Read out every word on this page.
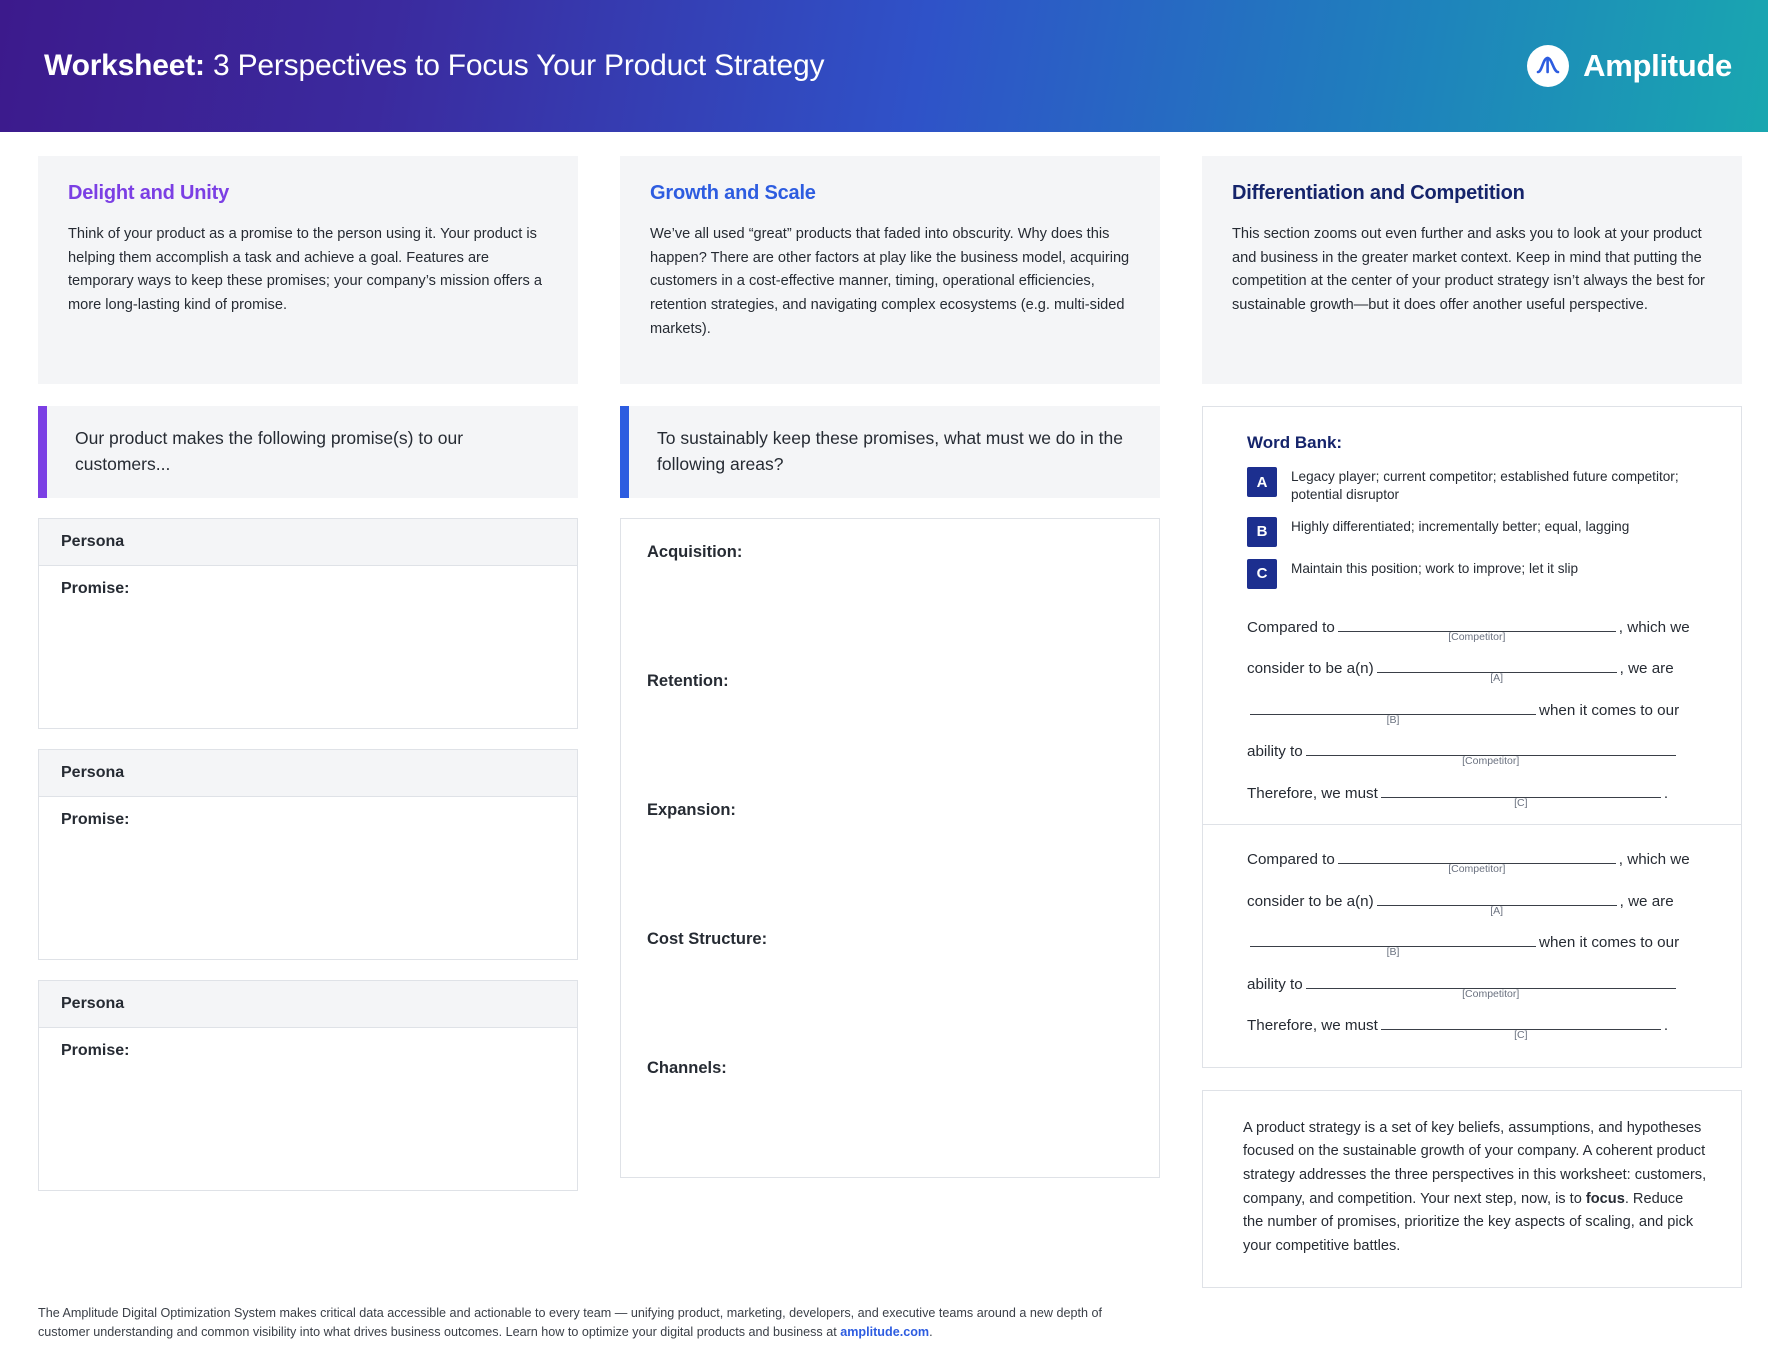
Worksheet: 3 Perspectives to Focus Your Product Strategy	Amplitude
Delight and Unity

Think of your product as a promise to the person using it. Your product is helping them accomplish a task and achieve a goal. Features are temporary ways to keep these promises; your company’s mission offers a more long-lasting kind of promise.

Our product makes the following promise(s) to our customers...
Persona
Promise:
Persona
Promise:
Persona
Promise:
Growth and Scale

We’ve all used “great” products that faded into obscurity. Why does this happen? There are other factors at play like the business model, acquiring customers in a cost-effective manner, timing, operational efficiencies, retention strategies, and navigating complex ecosystems (e.g. multi-sided markets).

To sustainably keep these promises, what must we do in the following areas?
Acquisition:
Retention:
Expansion:
Cost Structure:
Channels:
Differentiation and Competition

This section zooms out even further and asks you to look at your product and business in the greater market context. Keep in mind that putting the competition at the center of your product strategy isn’t always the best for sustainable growth—but it does offer another useful perspective.

Word Bank:
A	Legacy player; current competitor; established future competitor; potential disruptor
B	Highly differentiated; incrementally better; equal, lagging
C	Maintain this position; work to improve; let it slip
Compared to
[Competitor]
, which we
consider to be a(n)
[A]
, we are
[B]
when it comes to our
ability to
[Competitor]
Therefore, we must
[C]
.
Compared to
[Competitor]
, which we
consider to be a(n)
[A]
, we are
[B]
when it comes to our
ability to
[Competitor]
Therefore, we must
[C]
.

A product strategy is a set of key beliefs, assumptions, and hypotheses focused on the sustainable growth of your company. A coherent product strategy addresses the three perspectives in this worksheet: customers, company, and competition. Your next step, now, is to focus. Reduce the number of promises, prioritize the key aspects of scaling, and pick your competitive battles.

The Amplitude Digital Optimization System makes critical data accessible and actionable to every team — unifying product, marketing, developers, and executive teams around a new depth of customer understanding and common visibility into what drives business outcomes. Learn how to optimize your digital products and business at amplitude.com.
